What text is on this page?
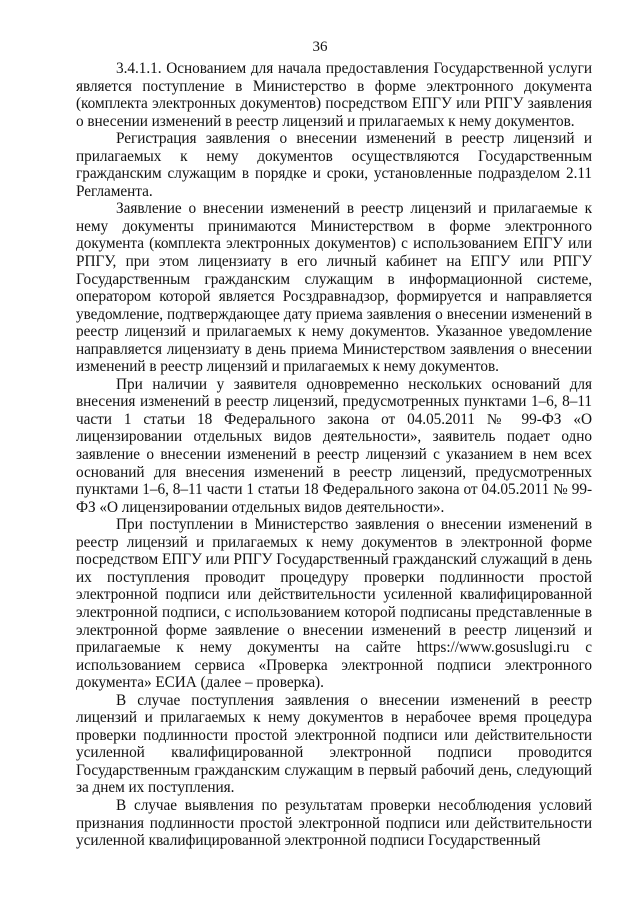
36

3.4.1.1. Основанием для начала предоставления Государственной услуги является поступление в Министерство в форме электронного документа (комплекта электронных документов) посредством ЕПГУ или РПГУ заявления о внесении изменений в реестр лицензий и прилагаемых к нему документов.

Регистрация заявления о внесении изменений в реестр лицензий и прилагаемых к нему документов осуществляются Государственным гражданским служащим в порядке и сроки, установленные подразделом 2.11 Регламента.

Заявление о внесении изменений в реестр лицензий и прилагаемые к нему документы принимаются Министерством в форме электронного документа (комплекта электронных документов) с использованием ЕПГУ или РПГУ, при этом лицензиату в его личный кабинет на ЕПГУ или РПГУ Государственным гражданским служащим в информационной системе, оператором которой является Росздравнадзор, формируется и направляется уведомление, подтверждающее дату приема заявления о внесении изменений в реестр лицензий и прилагаемых к нему документов. Указанное уведомление направляется лицензиату в день приема Министерством заявления о внесении изменений в реестр лицензий и прилагаемых к нему документов.

При наличии у заявителя одновременно нескольких оснований для внесения изменений в реестр лицензий, предусмотренных пунктами 1–6, 8–11 части 1 статьи 18 Федерального закона от 04.05.2011 № 99-ФЗ «О лицензировании отдельных видов деятельности», заявитель подает одно заявление о внесении изменений в реестр лицензий с указанием в нем всех оснований для внесения изменений в реестр лицензий, предусмотренных пунктами 1–6, 8–11 части 1 статьи 18 Федерального закона от 04.05.2011 № 99-ФЗ «О лицензировании отдельных видов деятельности».

При поступлении в Министерство заявления о внесении изменений в реестр лицензий и прилагаемых к нему документов в электронной форме посредством ЕПГУ или РПГУ Государственный гражданский служащий в день их поступления проводит процедуру проверки подлинности простой электронной подписи или действительности усиленной квалифицированной электронной подписи, с использованием которой подписаны представленные в электронной форме заявление о внесении изменений в реестр лицензий и прилагаемые к нему документы на сайте https://www.gosuslugi.ru с использованием сервиса «Проверка электронной подписи электронного документа» ЕСИА (далее – проверка).

В случае поступления заявления о внесении изменений в реестр лицензий и прилагаемых к нему документов в нерабочее время процедура проверки подлинности простой электронной подписи или действительности усиленной квалифицированной электронной подписи проводится Государственным гражданским служащим в первый рабочий день, следующий за днем их поступления.

В случае выявления по результатам проверки несоблюдения условий признания подлинности простой электронной подписи или действительности усиленной квалифицированной электронной подписи Государственный
